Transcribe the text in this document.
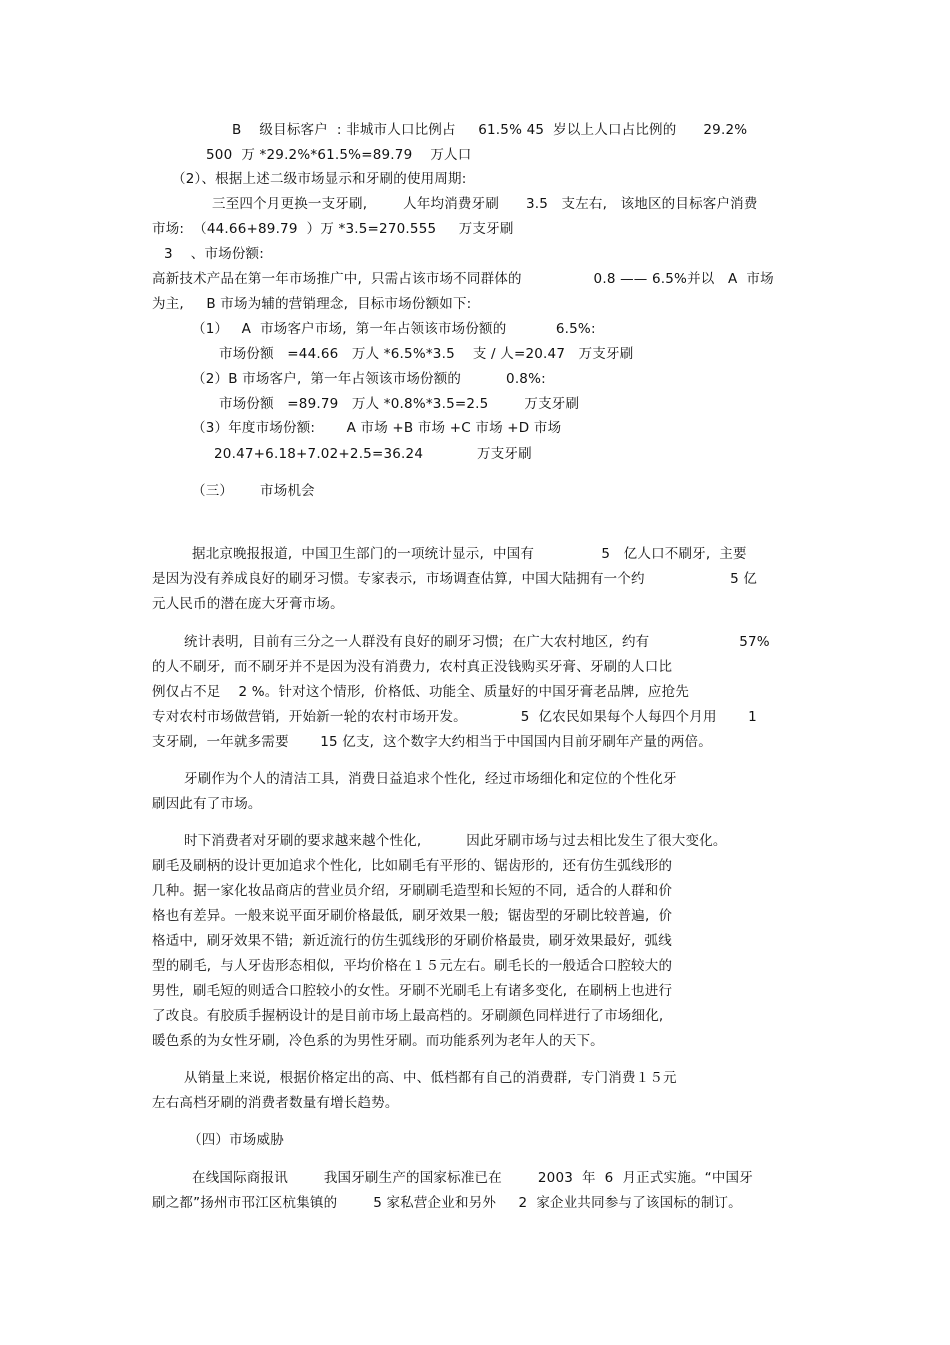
B    级目标客户  : 非城市人口比例占     61.5% 45  岁以上人口占比例的      29.2%
500  万 *29.2%*61.5%=89.79    万人口
（2）、根据上述二级市场显示和牙刷的使用周期:
三至四个月更换一支牙刷,        人年均消费牙刷      3.5   支左右,   该地区的目标客户消费
市场:  （44.66+89.79  ）万 *3.5=270.555     万支牙刷
3    、市场份额:
高新技术产品在第一年市场推广中,  只需占该市场不同群体的                0.8 —— 6.5%并以   A  市场
为主,     B 市场为辅的营销理念,  目标市场份额如下:
（1）   A  市场客户市场,  第一年占领该市场份额的           6.5%:
市场份额   =44.66   万人 *6.5%*3.5    支 / 人=20.47   万支牙刷
（2）B 市场客户,  第一年占领该市场份额的          0.8%:
市场份额   =89.79   万人 *0.8%*3.5=2.5        万支牙刷
（3）年度市场份额:       A 市场 +B 市场 +C 市场 +D 市场
20.47+6.18+7.02+2.5=36.24            万支牙刷
（三）      市场机会
据北京晚报报道,  中国卫生部门的一项统计显示,  中国有               5   亿人口不刷牙,  主要
是因为没有养成良好的刷牙习惯。专家表示,  市场调查估算,  中国大陆拥有一个约                   5 亿
元人民币的潜在庞大牙膏市场。
统计表明,  目前有三分之一人群没有良好的刷牙习惯;  在广大农村地区,  约有                    57%
的人不刷牙,  而不刷牙并不是因为没有消费力,  农村真正没钱购买牙膏、牙刷的人口比
例仅占不足    2 %。针对这个情形,  价格低、功能全、质量好的中国牙膏老品牌,  应抢先
专对农村市场做营销,  开始新一轮的农村市场开发。            5  亿农民如果每个人每四个月用       1
支牙刷,  一年就多需要       15 亿支,  这个数字大约相当于中国国内目前牙刷年产量的两倍。
牙刷作为个人的清洁工具,  消费日益追求个性化,  经过市场细化和定位的个性化牙
刷因此有了市场。
时下消费者对牙刷的要求越来越个性化,          因此牙刷市场与过去相比发生了很大变化。
刷毛及刷柄的设计更加追求个性化,  比如刷毛有平形的、锯齿形的,  还有仿生弧线形的
几种。据一家化妆品商店的营业员介绍,  牙刷刷毛造型和长短的不同,  适合的人群和价
格也有差异。一般来说平面牙刷价格最低,  刷牙效果一般;  锯齿型的牙刷比较普遍,  价
格适中,  刷牙效果不错;  新近流行的仿生弧线形的牙刷价格最贵,  刷牙效果最好,  弧线
型的刷毛,  与人牙齿形态相似,  平均价格在１５元左右。刷毛长的一般适合口腔较大的
男性,  刷毛短的则适合口腔较小的女性。牙刷不光刷毛上有诸多变化,  在刷柄上也进行
了改良。有胶质手握柄设计的是目前市场上最高档的。牙刷颜色同样进行了市场细化,
暖色系的为女性牙刷,  冷色系的为男性牙刷。而功能系列为老年人的天下。
从销量上来说,  根据价格定出的高、中、低档都有自己的消费群,  专门消费１５元
左右高档牙刷的消费者数量有增长趋势。
（四）市场威胁
在线国际商报讯        我国牙刷生产的国家标准已在        2003  年  6  月正式实施。“中国牙
刷之都”扬州市邗江区杭集镇的        5 家私营企业和另外     2  家企业共同参与了该国标的制订。
